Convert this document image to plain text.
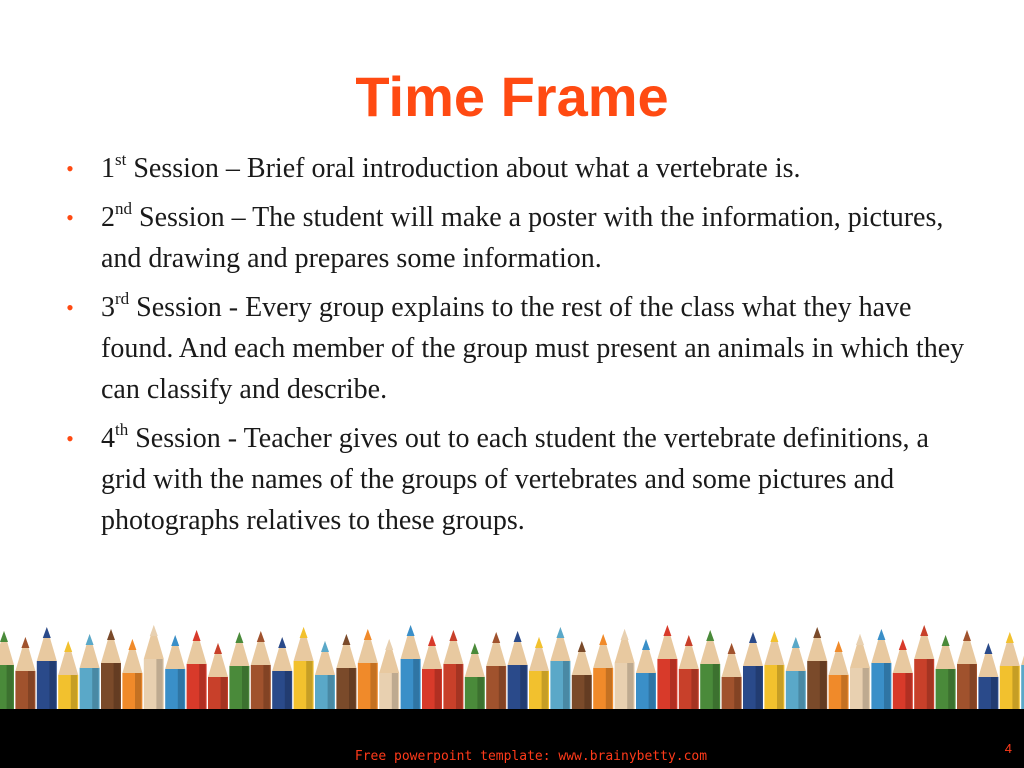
Time Frame
• 1st Session – Brief oral introduction about what a vertebrate is.
• 2nd Session – The student will make a poster with the information, pictures, and drawing and prepares some information.
• 3rd Session - Every group explains to the rest of the class what they have found. And each member of the group must present an animals in which they can classify and describe.
• 4th Session - Teacher gives out to each student the vertebrate definitions, a grid with the names of the groups of vertebrates and some pictures and photographs relatives to these groups.
Free powerpoint template: www.brainybetty.com
4
